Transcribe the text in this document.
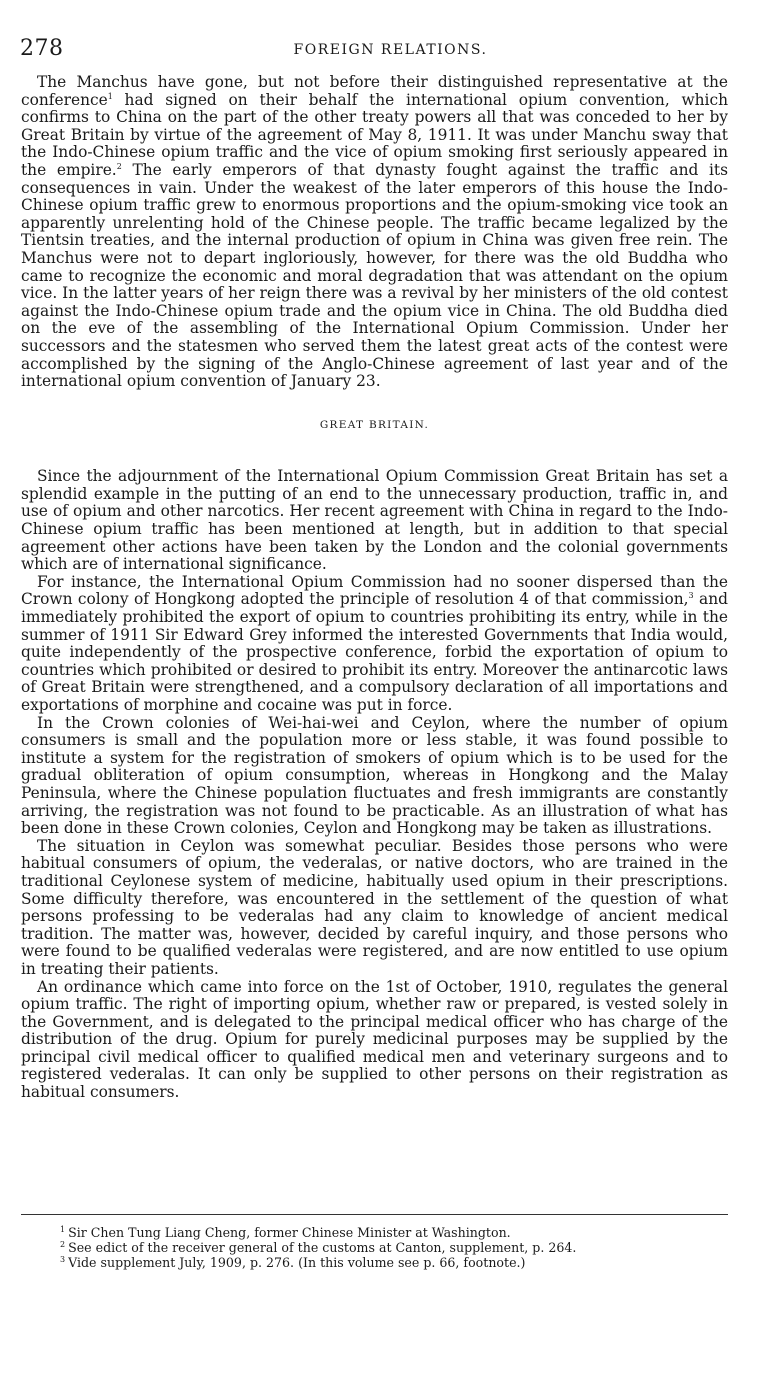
278	FOREIGN RELATIONS.

The Manchus have gone, but not before their distinguished representative at the conference$^1$ had signed on their behalf the international opium convention, which confirms to China on the part of the other treaty powers all that was conceded to her by Great Britain by virtue of the agreement of May 8, 1911. It was under Manchu sway that the Indo-Chinese opium traffic and the vice of opium smoking first seriously appeared in the empire.$^2$ The early emperors of that dynasty fought against the traffic and its consequences in vain. Under the weakest of the later emperors of this house the Indo-Chinese opium traffic grew to enormous proportions and the opium-smoking vice took an apparently unrelenting hold of the Chinese people. The traffic became legalized by the Tientsin treaties, and the internal production of opium in China was given free rein. The Manchus were not to depart ingloriously, however, for there was the old Buddha who came to recognize the economic and moral degradation that was attendant on the opium vice. In the latter years of her reign there was a revival by her ministers of the old contest against the Indo-Chinese opium trade and the opium vice in China. The old Buddha died on the eve of the assembling of the International Opium Commission. Under her successors and the statesmen who served them the latest great acts of the contest were accomplished by the signing of the Anglo-Chinese agreement of last year and of the international opium convention of January 23.

GREAT BRITAIN.

Since the adjournment of the International Opium Commission Great Britain has set a splendid example in the putting of an end to the unnecessary production, traffic in, and use of opium and other narcotics. Her recent agreement with China in regard to the Indo-Chinese opium traffic has been mentioned at length, but in addition to that special agreement other actions have been taken by the London and the colonial governments which are of international significance.

For instance, the International Opium Commission had no sooner dispersed than the Crown colony of Hongkong adopted the principle of resolution 4 of that commission,$^3$ and immediately prohibited the export of opium to countries prohibiting its entry, while in the summer of 1911 Sir Edward Grey informed the interested Governments that India would, quite independently of the prospective conference, forbid the exportation of opium to countries which prohibited or desired to prohibit its entry. Moreover the antinarcotic laws of Great Britain were strengthened, and a compulsory declaration of all importations and exportations of morphine and cocaine was put in force.

In the Crown colonies of Wei-hai-wei and Ceylon, where the number of opium consumers is small and the population more or less stable, it was found possible to institute a system for the registration of smokers of opium which is to be used for the gradual obliteration of opium consumption, whereas in Hongkong and the Malay Peninsula, where the Chinese population fluctuates and fresh immigrants are constantly arriving, the registration was not found to be practicable. As an illustration of what has been done in these Crown colonies, Ceylon and Hongkong may be taken as illustrations.

The situation in Ceylon was somewhat peculiar. Besides those persons who were habitual consumers of opium, the vederalas, or native doctors, who are trained in the traditional Ceylonese system of medicine, habitually used opium in their prescriptions. Some difficulty therefore, was encountered in the settlement of the question of what persons professing to be vederalas had any claim to knowledge of ancient medical tradition. The matter was, however, decided by careful inquiry, and those persons who were found to be qualified vederalas were registered, and are now entitled to use opium in treating their patients.

An ordinance which came into force on the 1st of October, 1910, regulates the general opium traffic. The right of importing opium, whether raw or prepared, is vested solely in the Government, and is delegated to the principal medical officer who has charge of the distribution of the drug. Opium for purely medicinal purposes may be supplied by the principal civil medical officer to qualified medical men and veterinary surgeons and to registered vederalas. It can only be supplied to other persons on their registration as habitual consumers.

$^1$ Sir Chen Tung Liang Cheng, former Chinese Minister at Washington.
$^2$ See edict of the receiver general of the customs at Canton, supplement, p. 264.
$^3$ Vide supplement July, 1909, p. 276. (In this volume see p. 66, footnote.)
